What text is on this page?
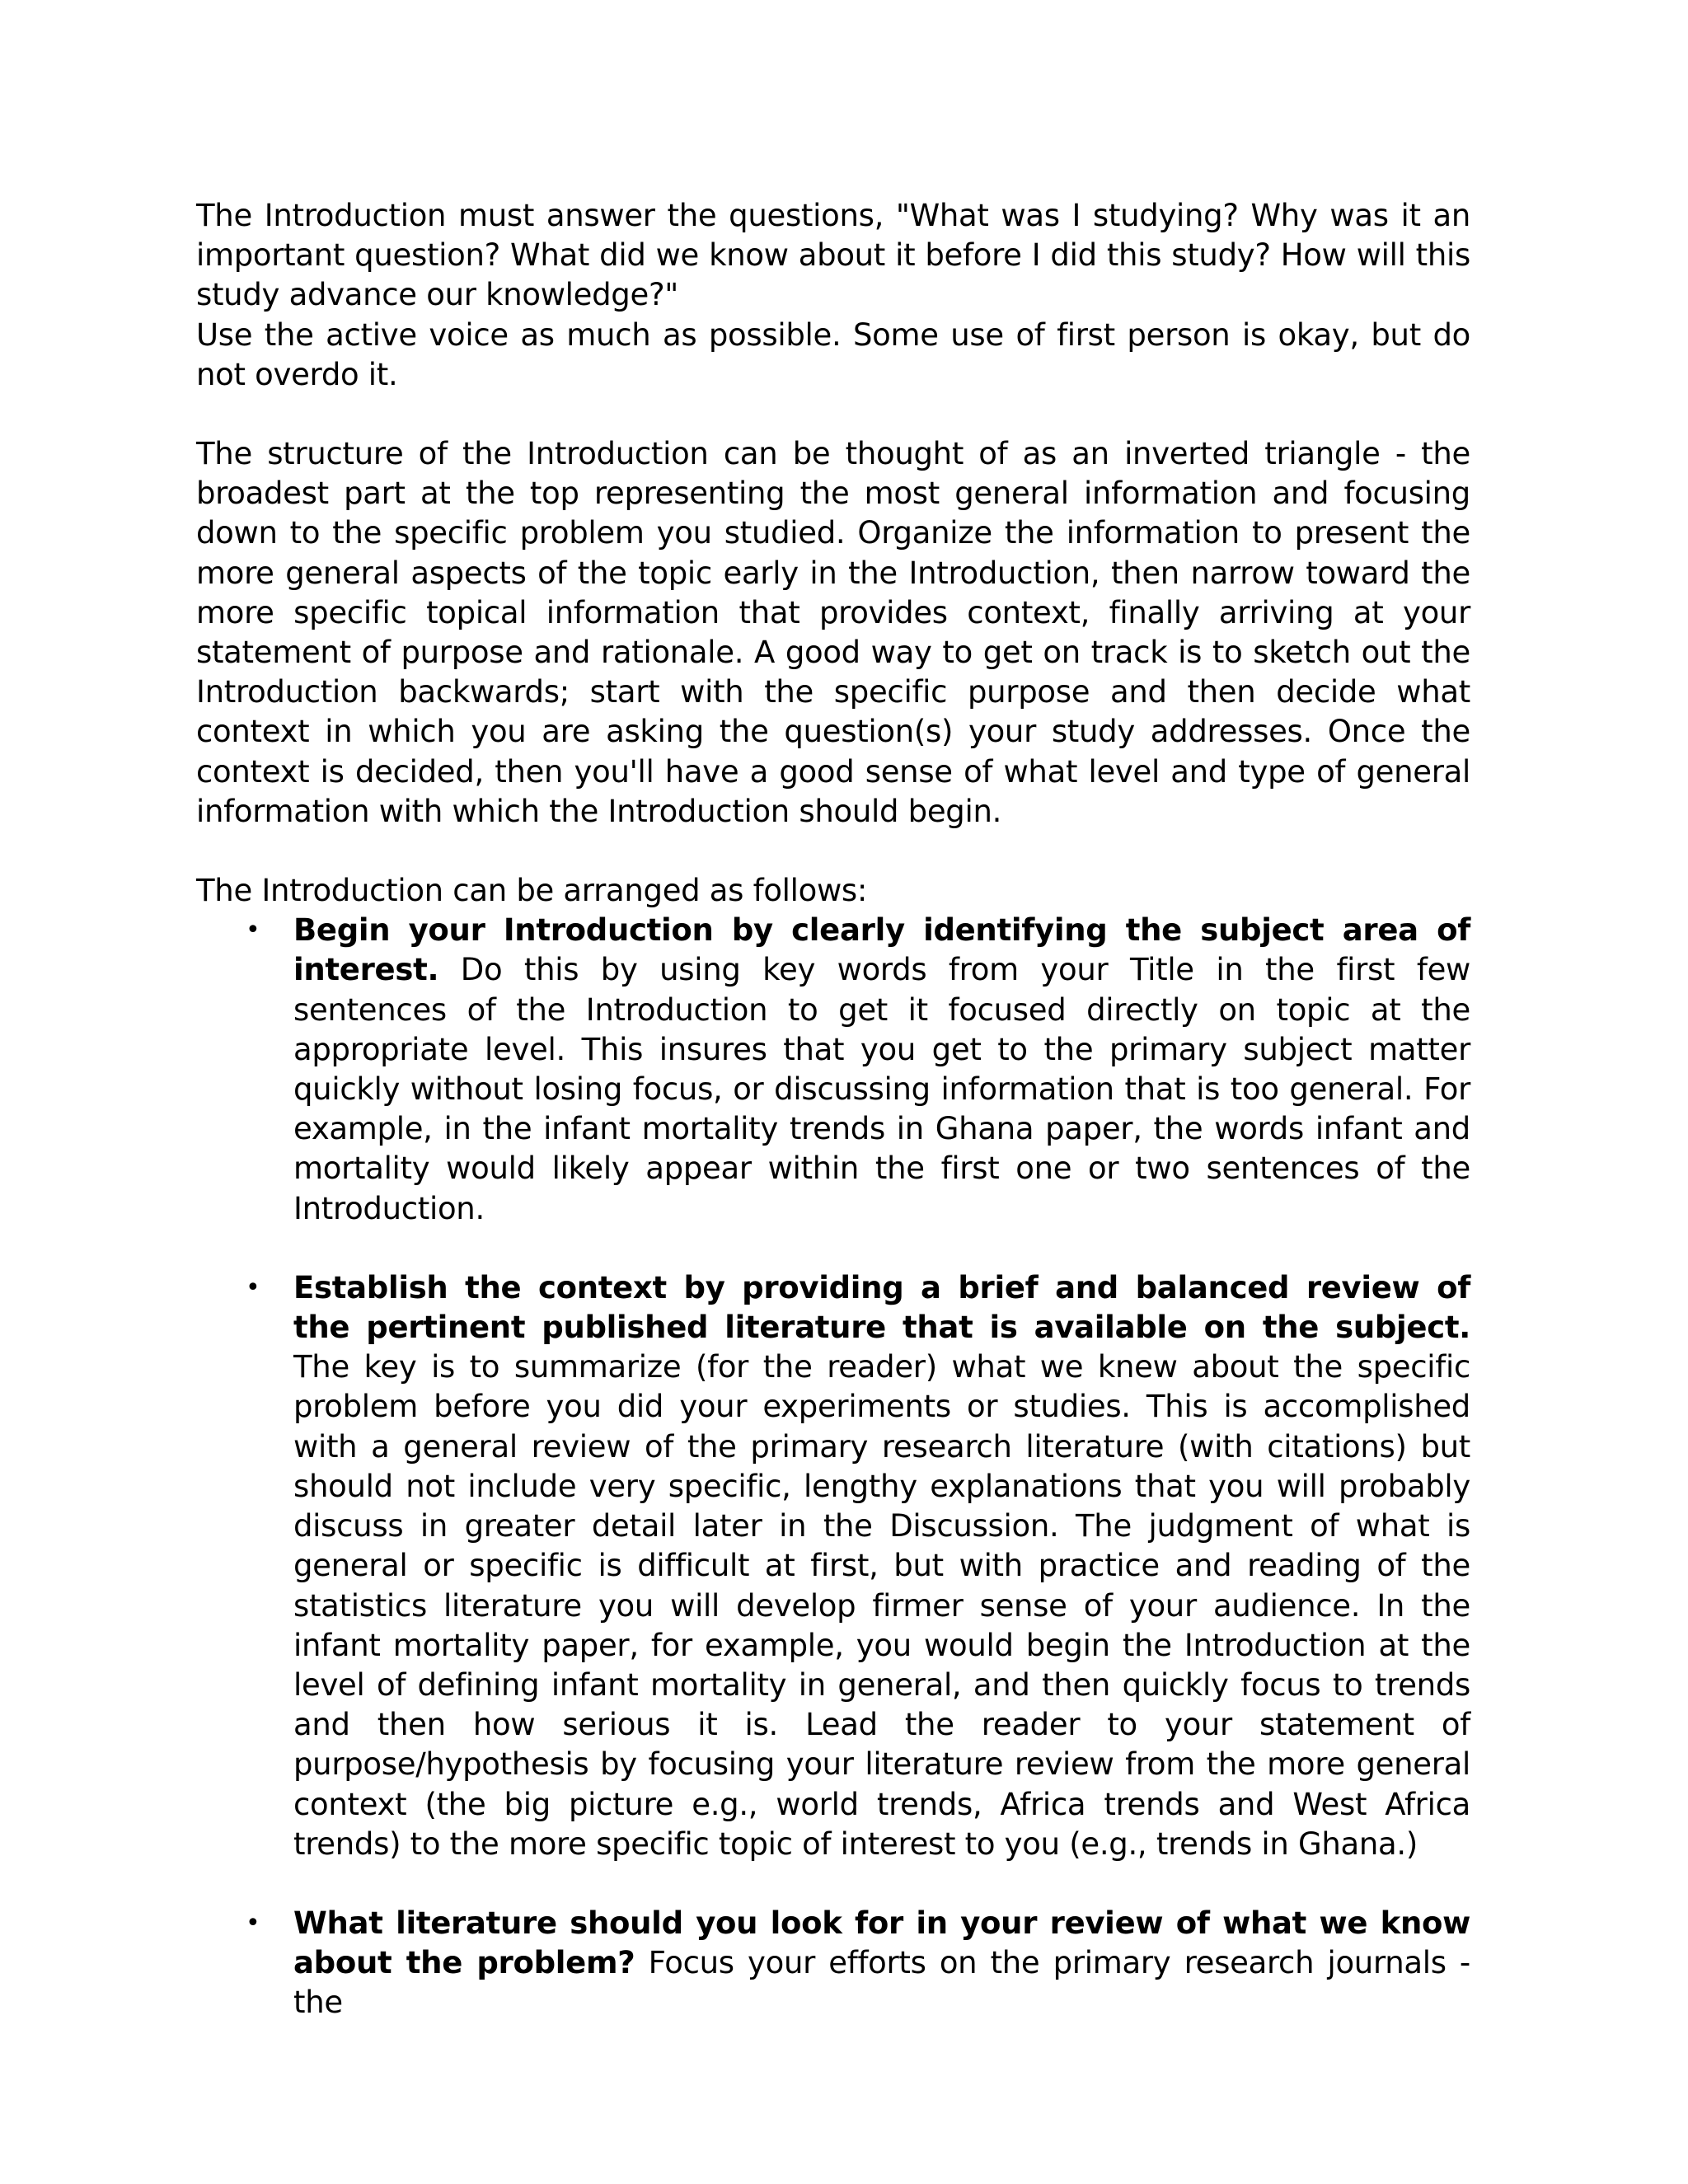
The Introduction must answer the questions, "What was I studying? Why was it an important question? What did we know about it before I did this study? How will this study advance our knowledge?"

Use the active voice as much as possible. Some use of first person is okay, but do not overdo it.

The structure of the Introduction can be thought of as an inverted triangle - the broadest part at the top representing the most general information and focusing down to the specific problem you studied. Organize the information to present the more general aspects of the topic early in the Introduction, then narrow toward the more specific topical information that provides context, finally arriving at your statement of purpose and rationale. A good way to get on track is to sketch out the Introduction backwards; start with the specific purpose and then decide what context in which you are asking the question(s) your study addresses. Once the context is decided, then you'll have a good sense of what level and type of general information with which the Introduction should begin.

The Introduction can be arranged as follows:

• Begin your Introduction by clearly identifying the subject area of interest. Do this by using key words from your Title in the first few sentences of the Introduction to get it focused directly on topic at the appropriate level. This insures that you get to the primary subject matter quickly without losing focus, or discussing information that is too general. For example, in the infant mortality trends in Ghana paper, the words infant and mortality would likely appear within the first one or two sentences of the Introduction.
• Establish the context by providing a brief and balanced review of the pertinent published literature that is available on the subject. The key is to summarize (for the reader) what we knew about the specific problem before you did your experiments or studies. This is accomplished with a general review of the primary research literature (with citations) but should not include very specific, lengthy explanations that you will probably discuss in greater detail later in the Discussion. The judgment of what is general or specific is difficult at first, but with practice and reading of the statistics literature you will develop firmer sense of your audience. In the infant mortality paper, for example, you would begin the Introduction at the level of defining infant mortality in general, and then quickly focus to trends and then how serious it is. Lead the reader to your statement of purpose/hypothesis by focusing your literature review from the more general context (the big picture e.g., world trends, Africa trends and West Africa trends) to the more specific topic of interest to you (e.g., trends in Ghana.)
• What literature should you look for in your review of what we know about the problem? Focus your efforts on the primary research journals - the
